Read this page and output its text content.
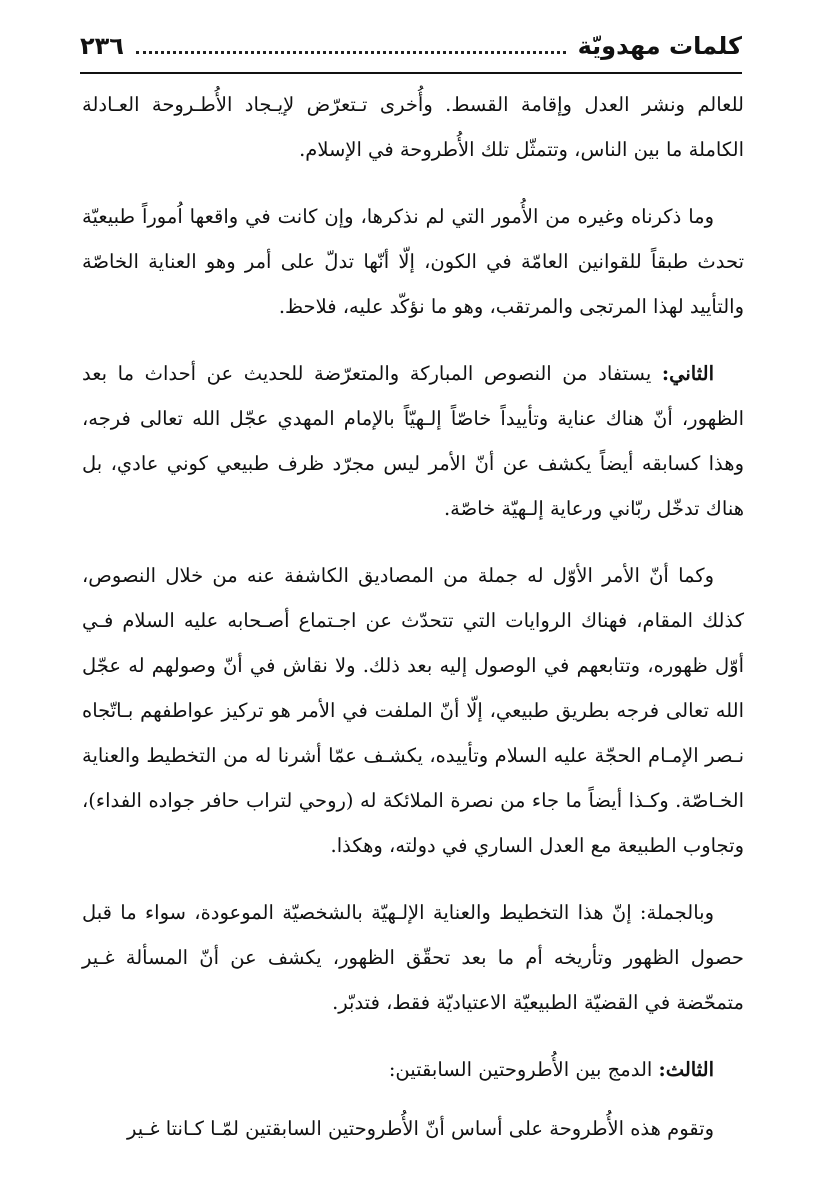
كلمات مهدويّة
٢٣٦

للعالم ونشر العدل وإقامة القسط. وأُخرى تـتعرّض لإيـجاد الأُطـروحة العـادلة الكاملة ما بين الناس، وتتمثّل تلك الأُطروحة في الإسلام.

وما ذكرناه وغيره من الأُمور التي لم نذكرها، وإن كانت في واقعها اُموراً طبيعيّة تحدث طبقاً للقوانين العامّة في الكون، إلّا أنّها تدلّ على أمر وهو العناية الخاصّة والتأييد لهذا المرتجى والمرتقب، وهو ما نؤكّد عليه، فلاحظ.

الثاني: يستفاد من النصوص المباركة والمتعرّضة للحديث عن أحداث ما بعد الظهور، أنّ هناك عناية وتأييداً خاصّاً إلـهيّاً بالإمام المهدي عجّل الله تعالى فرجه، وهذا كسابقه أيضاً يكشف عن أنّ الأمر ليس مجرّد ظرف طبيعي كوني عادي، بل هناك تدخّل ربّاني ورعاية إلـهيّة خاصّة.

وكما أنّ الأمر الأوّل له جملة من المصاديق الكاشفة عنه من خلال النصوص، كذلك المقام، فهناك الروايات التي تتحدّث عن اجـتماع أصـحابه عليه السلام فـي أوّل ظهوره، وتتابعهم في الوصول إليه بعد ذلك. ولا نقاش في أنّ وصولهم له عجّل الله تعالى فرجه بطريق طبيعي، إلّا أنّ الملفت في الأمر هو تركيز عواطفهم بـاتّجاه نـصر الإمـام الحجّة عليه السلام وتأييده، يكشـف عمّا أشرنا له من التخطيط والعناية الخـاصّة. وكـذا أيضاً ما جاء من نصرة الملائكة له (روحي لتراب حافر جواده الفداء)، وتجاوب الطبيعة مع العدل الساري في دولته، وهكذا.

وبالجملة: إنّ هذا التخطيط والعناية الإلـهيّة بالشخصيّة الموعودة، سواء ما قبل حصول الظهور وتأريخه أم ما بعد تحقّق الظهور، يكشف عن أنّ المسألة غـير متمحّضة في القضيّة الطبيعيّة الاعتياديّة فقط، فتدبّر.

الثالث: الدمج بين الأُطروحتين السابقتين:

وتقوم هذه الأُطروحة على أساس أنّ الأُطروحتين السابقتين لمّـا كـانتا غـير
